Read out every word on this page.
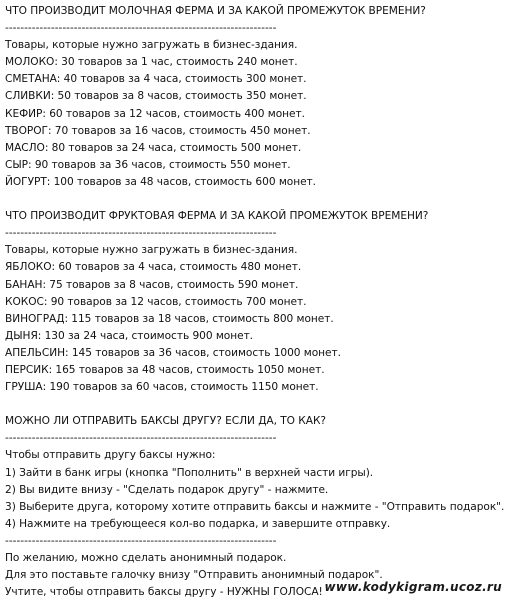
ЧТО ПРОИЗВОДИТ МОЛОЧНАЯ ФЕРМА И ЗА КАКОЙ ПРОМЕЖУТОК ВРЕМЕНИ?
-----------------------------------------------------------------------
Товары, которые нужно загружать в бизнес-здания.
МОЛОКО: 30 товаров за 1 час, стоимость 240 монет.
СМЕТАНА: 40 товаров за 4 часа, стоимость 300 монет.
СЛИВКИ: 50 товаров за 8 часов, стоимость 350 монет.
КЕФИР: 60 товаров за 12 часов, стоимость 400 монет.
ТВОРОГ: 70 товаров за 16 часов, стоимость 450 монет.
МАСЛО: 80 товаров за 24 часа, стоимость 500 монет.
СЫР: 90 товаров за 36 часов, стоимость 550 монет.
ЙОГУРТ: 100 товаров за 48 часов, стоимость 600 монет.
ЧТО ПРОИЗВОДИТ ФРУКТОВАЯ ФЕРМА И ЗА КАКОЙ ПРОМЕЖУТОК ВРЕМЕНИ?
-----------------------------------------------------------------------
Товары, которые нужно загружать в бизнес-здания.
ЯБЛОКО: 60 товаров за 4 часа, стоимость 480 монет.
БАНАН: 75 товаров за 8 часов, стоимость 590 монет.
КОКОС: 90 товаров за 12 часов, стоимость 700 монет.
ВИНОГРАД: 115 товаров за 18 часов, стоимость 800 монет.
ДЫНЯ: 130 за 24 часа, стоимость 900 монет.
АПЕЛЬСИН: 145 товаров за 36 часов, стоимость 1000 монет.
ПЕРСИК: 165 товаров за 48 часов, стоимость 1050 монет.
ГРУША: 190 товаров за 60 часов, стоимость 1150 монет.
МОЖНО ЛИ ОТПРАВИТЬ БАКСЫ ДРУГУ? ЕСЛИ ДА, ТО КАК?
-----------------------------------------------------------------------
Чтобы отправить другу баксы нужно:
1) Зайти в банк игры (кнопка "Пополнить" в верхней части игры).
2) Вы видите внизу - "Сделать подарок другу" - нажмите.
3) Выберите друга, которому хотите отправить баксы и нажмите - "Отправить подарок".
4) Нажмите на требующееся кол-во подарка, и завершите отправку.
-----------------------------------------------------------------------
По желанию, можно сделать анонимный подарок.
Для это поставьте галочку внизу "Отправить анонимный подарок".
Учтите, чтобы отправить баксы другу - НУЖНЫ ГОЛОСА! www.kodykigram.ucoz.ru
